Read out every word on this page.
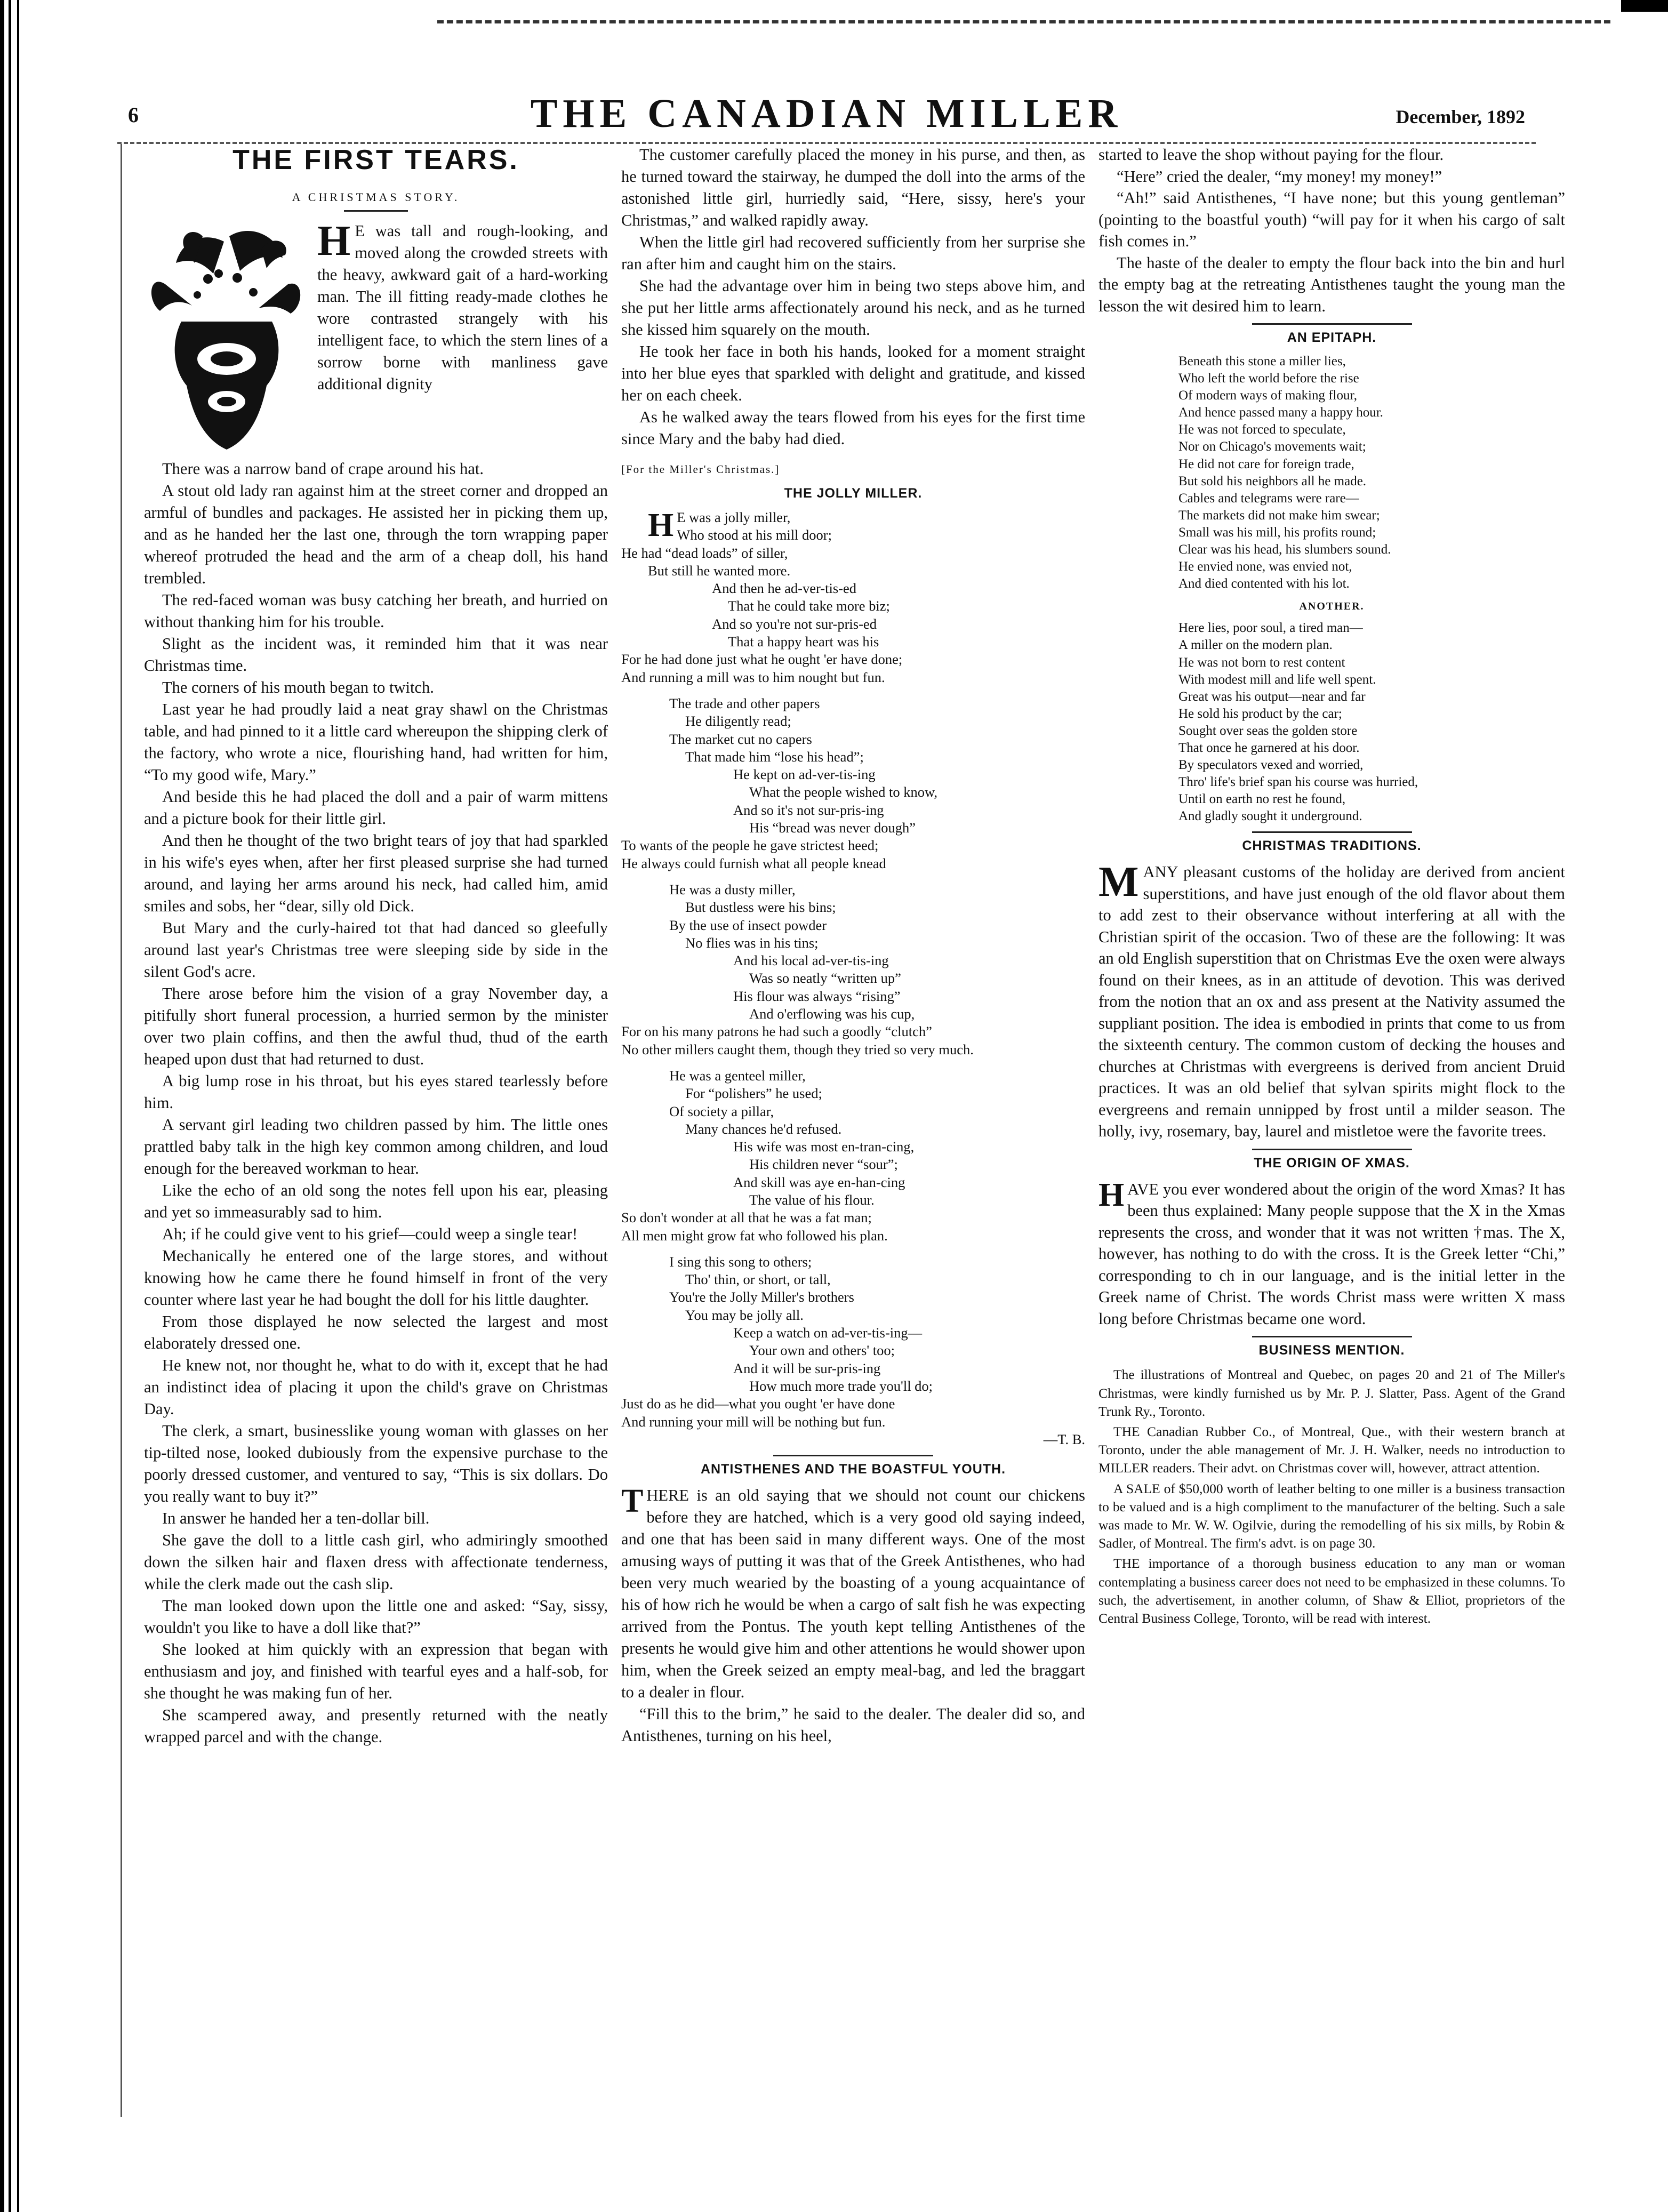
6	THE CANADIAN MILLER	December, 1892
THE FIRST TEARS.
A CHRISTMAS STORY.

H E was tall and rough-looking, and moved along the crowded streets with the heavy, awkward gait of a hard-working man. The ill fitting ready-made clothes he wore contrasted strangely with his intelligent face, to which the stern lines of a sorrow borne with manliness gave additional dignity

There was a narrow band of crape around his hat.

A stout old lady ran against him at the street corner and dropped an armful of bundles and packages. He assisted her in picking them up, and as he handed her the last one, through the torn wrapping paper whereof protruded the head and the arm of a cheap doll, his hand trembled.

The red-faced woman was busy catching her breath, and hurried on without thanking him for his trouble.

Slight as the incident was, it reminded him that it was near Christmas time.

The corners of his mouth began to twitch.

Last year he had proudly laid a neat gray shawl on the Christmas table, and had pinned to it a little card whereupon the shipping clerk of the factory, who wrote a nice, flourishing hand, had written for him, “To my good wife, Mary.”

And beside this he had placed the doll and a pair of warm mittens and a picture book for their little girl.

And then he thought of the two bright tears of joy that had sparkled in his wife's eyes when, after her first pleased surprise she had turned around, and laying her arms around his neck, had called him, amid smiles and sobs, her “dear, silly old Dick.

But Mary and the curly-haired tot that had danced so gleefully around last year's Christmas tree were sleeping side by side in the silent God's acre.

There arose before him the vision of a gray November day, a pitifully short funeral procession, a hurried sermon by the minister over two plain coffins, and then the awful thud, thud of the earth heaped upon dust that had returned to dust.

A big lump rose in his throat, but his eyes stared tearlessly before him.

A servant girl leading two children passed by him. The little ones prattled baby talk in the high key common among children, and loud enough for the bereaved workman to hear.

Like the echo of an old song the notes fell upon his ear, pleasing and yet so immeasurably sad to him.

Ah; if he could give vent to his grief—could weep a single tear!

Mechanically he entered one of the large stores, and without knowing how he came there he found himself in front of the very counter where last year he had bought the doll for his little daughter.

From those displayed he now selected the largest and most elaborately dressed one.

He knew not, nor thought he, what to do with it, except that he had an indistinct idea of placing it upon the child's grave on Christmas Day.

The clerk, a smart, businesslike young woman with glasses on her tip-tilted nose, looked dubiously from the expensive purchase to the poorly dressed customer, and ventured to say, “This is six dollars. Do you really want to buy it?”

In answer he handed her a ten-dollar bill.

She gave the doll to a little cash girl, who admiringly smoothed down the silken hair and flaxen dress with affectionate tenderness, while the clerk made out the cash slip.

The man looked down upon the little one and asked: “Say, sissy, wouldn't you like to have a doll like that?”

She looked at him quickly with an expression that began with enthusiasm and joy, and finished with tearful eyes and a half-sob, for she thought he was making fun of her.

She scampered away, and presently returned with the neatly wrapped parcel and with the change.

The customer carefully placed the money in his purse, and then, as he turned toward the stairway, he dumped the doll into the arms of the astonished little girl, hurriedly said, “Here, sissy, here's your Christmas,” and walked rapidly away.

When the little girl had recovered sufficiently from her surprise she ran after him and caught him on the stairs.

She had the advantage over him in being two steps above him, and she put her little arms affectionately around his neck, and as he turned she kissed him squarely on the mouth.

He took her face in both his hands, looked for a moment straight into her blue eyes that sparkled with delight and gratitude, and kissed her on each cheek.

As he walked away the tears flowed from his eyes for the first time since Mary and the baby had died.

[For the Miller's Christmas.]
THE JOLLY MILLER.
H E was a jolly miller,
Who stood at his mill door;
He had “dead loads” of siller,
But still he wanted more.
And then he ad-ver-tis-ed
That he could take more biz;
And so you're not sur-pris-ed
That a happy heart was his
For he had done just what he ought 'er have done;
And running a mill was to him nought but fun.
The trade and other papers
He diligently read;
The market cut no capers
That made him “lose his head”;
He kept on ad-ver-tis-ing
What the people wished to know,
And so it's not sur-pris-ing
His “bread was never dough”
To wants of the people he gave strictest heed;
He always could furnish what all people knead
He was a dusty miller,
But dustless were his bins;
By the use of insect powder
No flies was in his tins;
And his local ad-ver-tis-ing
Was so neatly “written up”
His flour was always “rising”
And o'erflowing was his cup,
For on his many patrons he had such a goodly “clutch”
No other millers caught them, though they tried so very much.
He was a genteel miller,
For “polishers” he used;
Of society a pillar,
Many chances he'd refused.
His wife was most en-tran-cing,
His children never “sour”;
And skill was aye en-han-cing
The value of his flour.
So don't wonder at all that he was a fat man;
All men might grow fat who followed his plan.
I sing this song to others;
Tho' thin, or short, or tall,
You're the Jolly Miller's brothers
You may be jolly all.
Keep a watch on ad-ver-tis-ing—
Your own and others' too;
And it will be sur-pris-ing
How much more trade you'll do;
Just do as he did—what you ought 'er have done
And running your mill will be nothing but fun.
—T. B.
ANTISTHENES AND THE BOASTFUL YOUTH.

THERE is an old saying that we should not count our chickens before they are hatched, which is a very good old saying indeed, and one that has been said in many different ways. One of the most amusing ways of putting it was that of the Greek Antisthenes, who had been very much wearied by the boasting of a young acquaintance of his of how rich he would be when a cargo of salt fish he was expecting arrived from the Pontus. The youth kept telling Antisthenes of the presents he would give him and other attentions he would shower upon him, when the Greek seized an empty meal-bag, and led the braggart to a dealer in flour.

“Fill this to the brim,” he said to the dealer. The dealer did so, and Antisthenes, turning on his heel,

started to leave the shop without paying for the flour.

“Here” cried the dealer, “my money! my money!”

“Ah!” said Antisthenes, “I have none; but this young gentleman” (pointing to the boastful youth) “will pay for it when his cargo of salt fish comes in.”

The haste of the dealer to empty the flour back into the bin and hurl the empty bag at the retreating Antisthenes taught the young man the lesson the wit desired him to learn.

AN EPITAPH.
Beneath this stone a miller lies,
Who left the world before the rise
Of modern ways of making flour,
And hence passed many a happy hour.
He was not forced to speculate,
Nor on Chicago's movements wait;
He did not care for foreign trade,
But sold his neighbors all he made.
Cables and telegrams were rare—
The markets did not make him swear;
Small was his mill, his profits round;
Clear was his head, his slumbers sound.
He envied none, was envied not,
And died contented with his lot.
ANOTHER.
Here lies, poor soul, a tired man—
A miller on the modern plan.
He was not born to rest content
With modest mill and life well spent.
Great was his output—near and far
He sold his product by the car;
Sought over seas the golden store
That once he garnered at his door.
By speculators vexed and worried,
Thro' life's brief span his course was hurried,
Until on earth no rest he found,
And gladly sought it underground.
CHRISTMAS TRADITIONS.

MANY pleasant customs of the holiday are derived from ancient superstitions, and have just enough of the old flavor about them to add zest to their observance without interfering at all with the Christian spirit of the occasion. Two of these are the following: It was an old English superstition that on Christmas Eve the oxen were always found on their knees, as in an attitude of devotion. This was derived from the notion that an ox and ass present at the Nativity assumed the suppliant position. The idea is embodied in prints that come to us from the sixteenth century. The common custom of decking the houses and churches at Christmas with evergreens is derived from ancient Druid practices. It was an old belief that sylvan spirits might flock to the evergreens and remain unnipped by frost until a milder season. The holly, ivy, rosemary, bay, laurel and mistletoe were the favorite trees.

THE ORIGIN OF XMAS.

HAVE you ever wondered about the origin of the word Xmas? It has been thus explained: Many people suppose that the X in the Xmas represents the cross, and wonder that it was not written †mas. The X, however, has nothing to do with the cross. It is the Greek letter “Chi,” corresponding to ch in our language, and is the initial letter in the Greek name of Christ. The words Christ mass were written X mass long before Christmas became one word.

BUSINESS MENTION.

The illustrations of Montreal and Quebec, on pages 20 and 21 of The Miller's Christmas, were kindly furnished us by Mr. P. J. Slatter, Pass. Agent of the Grand Trunk Ry., Toronto.

THE Canadian Rubber Co., of Montreal, Que., with their western branch at Toronto, under the able management of Mr. J. H. Walker, needs no introduction to MILLER readers. Their advt. on Christmas cover will, however, attract attention.

A SALE of $50,000 worth of leather belting to one miller is a business transaction to be valued and is a high compliment to the manufacturer of the belting. Such a sale was made to Mr. W. W. Ogilvie, during the remodelling of his six mills, by Robin & Sadler, of Montreal. The firm's advt. is on page 30.

THE importance of a thorough business education to any man or woman contemplating a business career does not need to be emphasized in these columns. To such, the advertisement, in another column, of Shaw & Elliot, proprietors of the Central Business College, Toronto, will be read with interest.
